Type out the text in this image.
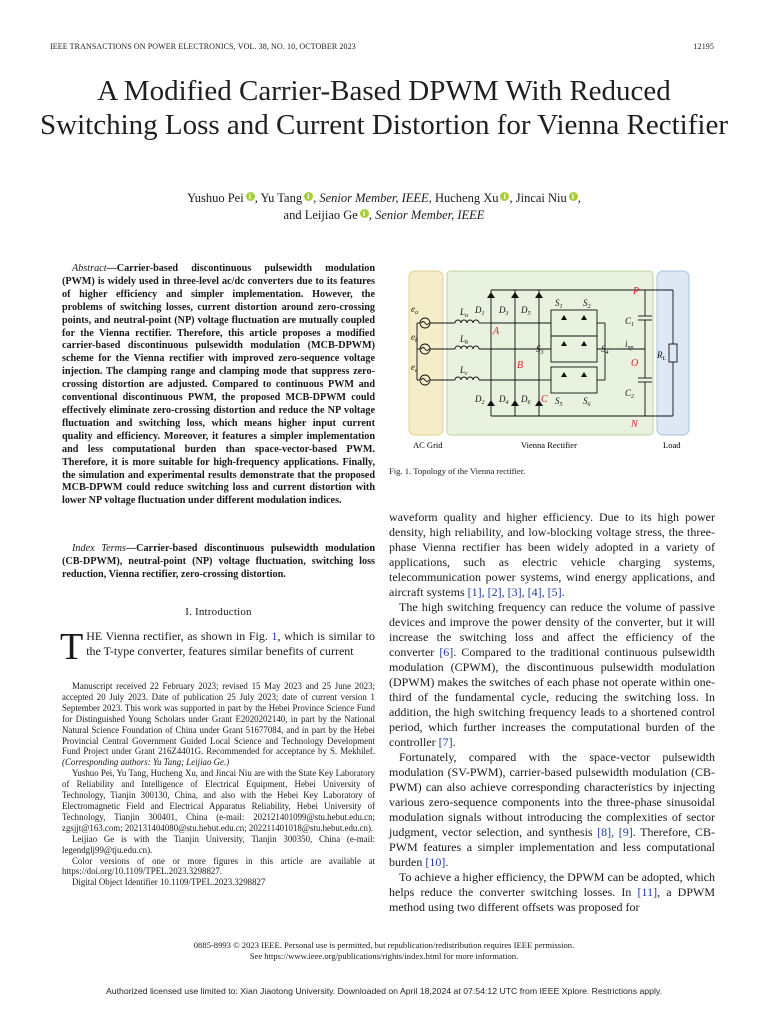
IEEE TRANSACTIONS ON POWER ELECTRONICS, VOL. 38, NO. 10, OCTOBER 2023	12195
A Modified Carrier-Based DPWM With Reduced Switching Loss and Current Distortion for Vienna Rectifier
Yushuo Pei i , Yu Tang i , Senior Member, IEEE, Hucheng Xu i , Jincai Niu i ,
and Leijiao Ge i , Senior Member, IEEE
Abstract—Carrier-based discontinuous pulsewidth modulation (PWM) is widely used in three-level ac/dc converters due to its features of higher efficiency and simpler implementation. However, the problems of switching losses, current distortion around zero-crossing points, and neutral-point (NP) voltage fluctuation are mutually coupled for the Vienna rectifier. Therefore, this article proposes a modified carrier-based discontinuous pulsewidth modulation (MCB-DPWM) scheme for the Vienna rectifier with improved zero-sequence voltage injection. The clamping range and clamping mode that suppress zero-crossing distortion are adjusted. Compared to continuous PWM and conventional discontinuous PWM, the proposed MCB-DPWM could effectively eliminate zero-crossing distortion and reduce the NP voltage fluctuation and switching loss, which means higher input current quality and efficiency. Moreover, it features a simpler implementation and less computational burden than space-vector-based PWM. Therefore, it is more suitable for high-frequency applications. Finally, the simulation and experimental results demonstrate that the proposed MCB-DPWM could reduce switching loss and current distortion with lower NP voltage fluctuation under different modulation indices.
Index Terms—Carrier-based discontinuous pulsewidth modulation (CB-DPWM), neutral-point (NP) voltage fluctuation, switching loss reduction, Vienna rectifier, zero-crossing distortion.
I. Introduction
THE Vienna rectifier, as shown in Fig. 1, which is similar to the T-type converter, features similar benefits of current

Manuscript received 22 February 2023; revised 15 May 2023 and 25 June 2023; accepted 20 July 2023. Date of publication 25 July 2023; date of current version 1 September 2023. This work was supported in part by the Hebei Province Science Fund for Distinguished Young Scholars under Grant E2020202140, in part by the National Natural Science Foundation of China under Grant 51677084, and in part by the Hebei Provincial Central Government Guided Local Science and Technology Development Fund Project under Grant 216Z4401G. Recommended for acceptance by S. Mekhilef. (Corresponding authors: Yu Tang; Leijiao Ge.)

Yushuo Pei, Yu Tang, Hucheng Xu, and Jincai Niu are with the State Key Laboratory of Reliability and Intelligence of Electrical Equipment, Hebei University of Technology, Tianjin 300130, China, and also with the Hebei Key Laboratory of Electromagnetic Field and Electrical Apparatus Reliability, Hebei University of Technology, Tianjin 300401, China (e-mail: 202121401099@stu.hebut.edu.cn; zgsjjt@163.com; 202131404080@stu.hebut.edu.cn; 202211401018@stu.hebut.edu.cn).

Leijiao Ge is with the Tianjin University, Tianjin 300350, China (e-mail: legendglj99@tju.edu.cn).

Color versions of one or more figures in this article are available at https://doi.org/10.1109/TPEL.2023.3298827.

Digital Object Identifier 10.1109/TPEL.2023.3298827

AC Grid	Vienna Rectifier	Load
$e_a$
$e_b$
$e_c$
$L_a$
$L_b$
$L_c$
$D_1$ $D_3$ $D_5$
$D_2$ $D_4$ $D_6$
$S_1$ $S_2$
$S_3$	$S_4$
$S_5$ $S_6$
$C_1$
$C_2$
$R_L$
$i_{np}$
P
O
N
A
B
C
Fig. 1. Topology of the Vienna rectifier.

waveform quality and higher efficiency. Due to its high power density, high reliability, and low-blocking voltage stress, the three-phase Vienna rectifier has been widely adopted in a variety of applications, such as electric vehicle charging systems, telecommunication power systems, wind energy applications, and aircraft systems [1], [2], [3], [4], [5].

The high switching frequency can reduce the volume of passive devices and improve the power density of the converter, but it will increase the switching loss and affect the efficiency of the converter [6]. Compared to the traditional continuous pulsewidth modulation (CPWM), the discontinuous pulsewidth modulation (DPWM) makes the switches of each phase not operate within one-third of the fundamental cycle, reducing the switching loss. In addition, the high switching frequency leads to a shortened control period, which further increases the computational burden of the controller [7].

Fortunately, compared with the space-vector pulsewidth modulation (SV-PWM), carrier-based pulsewidth modulation (CB-PWM) can also achieve corresponding characteristics by injecting various zero-sequence components into the three-phase sinusoidal modulation signals without introducing the complexities of sector judgment, vector selection, and synthesis [8], [9]. Therefore, CB-PWM features a simpler implementation and less computational burden [10].

To achieve a higher efficiency, the DPWM can be adopted, which helps reduce the converter switching losses. In [11], a DPWM method using two different offsets was proposed for

0885-8993 © 2023 IEEE. Personal use is permitted, but republication/redistribution requires IEEE permission.
See https://www.ieee.org/publications/rights/index.html for more information.
Authorized licensed use limited to: Xian Jiaotong University. Downloaded on April 18,2024 at 07:54:12 UTC from IEEE Xplore. Restrictions apply.
